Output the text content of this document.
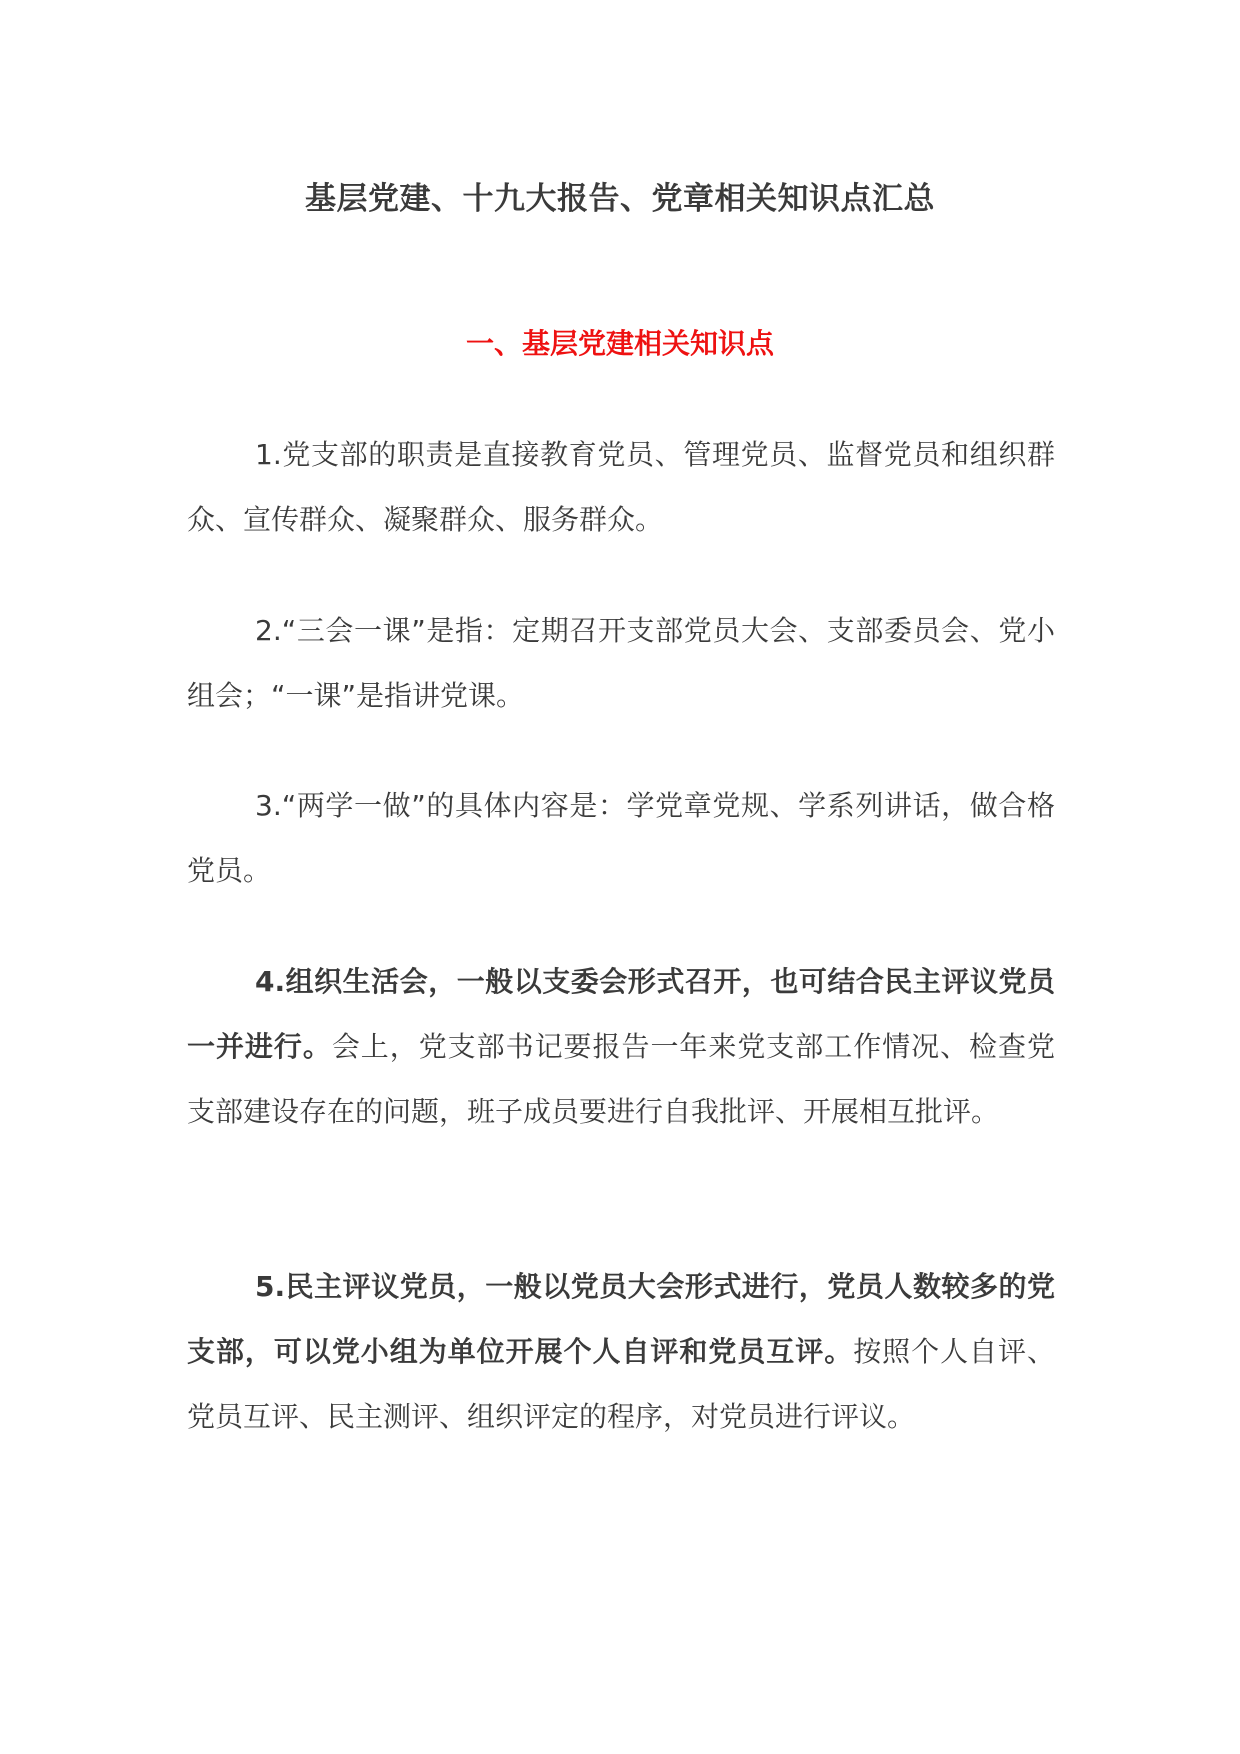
基层党建、十九大报告、党章相关知识点汇总
一、基层党建相关知识点

1.党支部的职责是直接教育党员、管理党员、监督党员和组织群众、宣传群众、凝聚群众、服务群众。

2.“三会一课”是指：定期召开支部党员大会、支部委员会、党小组会；“一课”是指讲党课。

3.“两学一做”的具体内容是：学党章党规、学系列讲话，做合格党员。

4.组织生活会，一般以支委会形式召开，也可结合民主评议党员一并进行。会上，党支部书记要报告一年来党支部工作情况、检查党支部建设存在的问题，班子成员要进行自我批评、开展相互批评。

5.民主评议党员，一般以党员大会形式进行，党员人数较多的党支部，可以党小组为单位开展个人自评和党员互评。按照个人自评、党员互评、民主测评、组织评定的程序，对党员进行评议。
